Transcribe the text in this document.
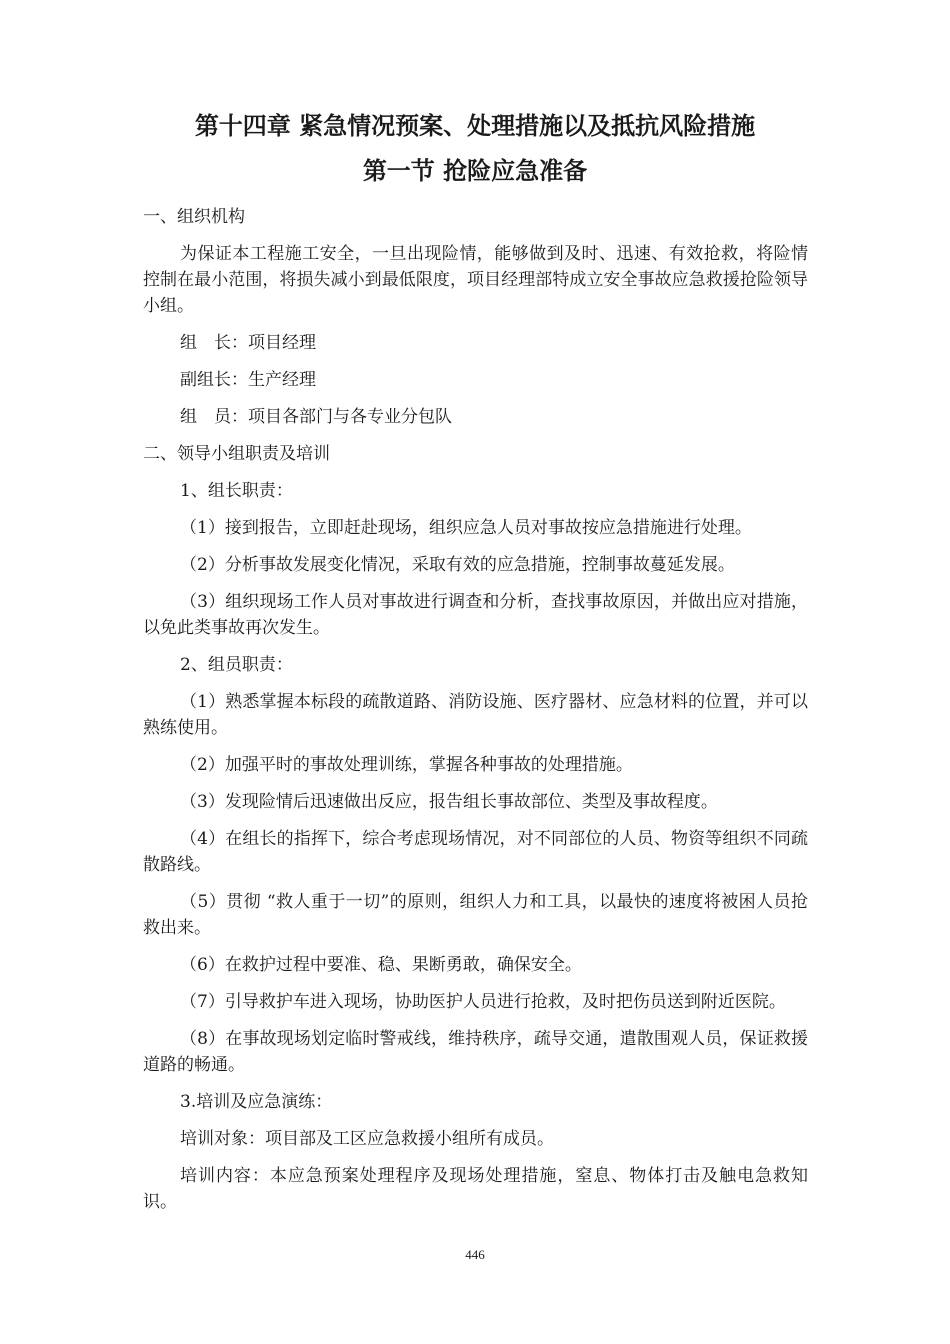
第十四章 紧急情况预案、处理措施以及抵抗风险措施
第一节 抢险应急准备

一、组织机构

为保证本工程施工安全，一旦出现险情，能够做到及时、迅速、有效抢救，将险情控制在最小范围，将损失减小到最低限度，项目经理部特成立安全事故应急救援抢险领导小组。

组　长：项目经理

副组长：生产经理

组　员：项目各部门与各专业分包队

二、领导小组职责及培训

1、组长职责：

（1）接到报告，立即赶赴现场，组织应急人员对事故按应急措施进行处理。

（2）分析事故发展变化情况，采取有效的应急措施，控制事故蔓延发展。

（3）组织现场工作人员对事故进行调查和分析，查找事故原因，并做出应对措施，以免此类事故再次发生。

2、组员职责：

（1）熟悉掌握本标段的疏散道路、消防设施、医疗器材、应急材料的位置，并可以熟练使用。

（2）加强平时的事故处理训练，掌握各种事故的处理措施。

（3）发现险情后迅速做出反应，报告组长事故部位、类型及事故程度。

（4）在组长的指挥下，综合考虑现场情况，对不同部位的人员、物资等组织不同疏散路线。

（5）贯彻 “救人重于一切”的原则，组织人力和工具，以最快的速度将被困人员抢救出来。

（6）在救护过程中要准、稳、果断勇敢，确保安全。

（7）引导救护车进入现场，协助医护人员进行抢救，及时把伤员送到附近医院。

（8）在事故现场划定临时警戒线，维持秩序，疏导交通，遣散围观人员，保证救援道路的畅通。

3.培训及应急演练：

培训对象：项目部及工区应急救援小组所有成员。

培训内容：本应急预案处理程序及现场处理措施，窒息、物体打击及触电急救知识。

446
